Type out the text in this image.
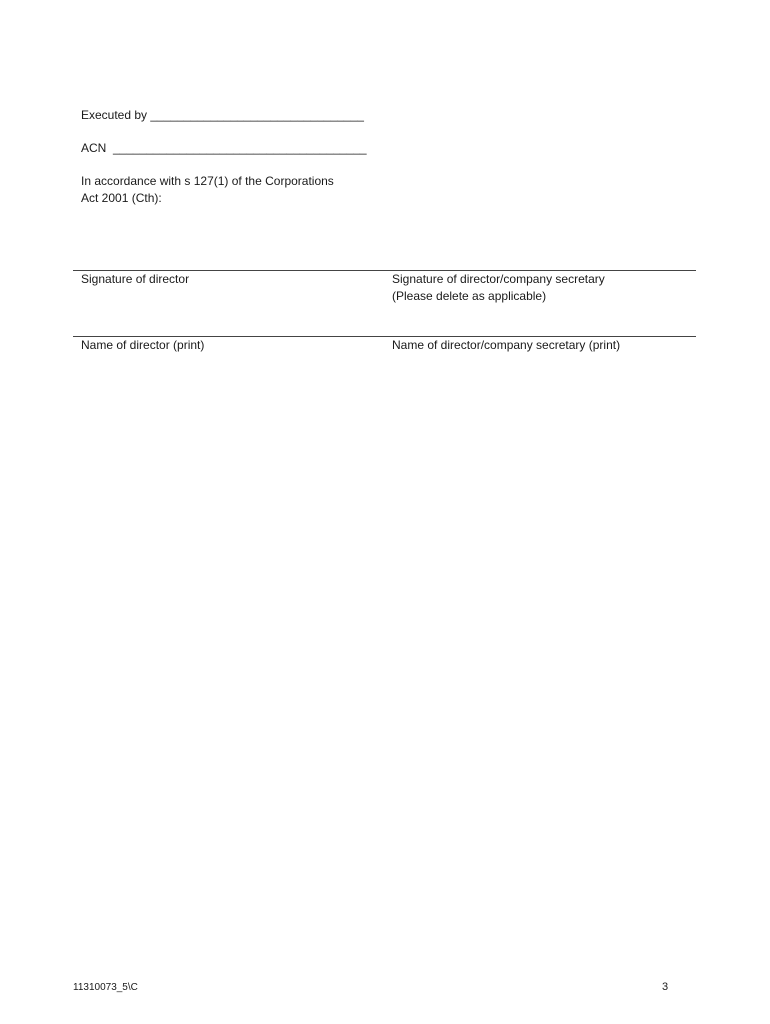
Executed by ________________________________
ACN  ______________________________________
In accordance with s 127(1) of the Corporations
Act 2001 (Cth):
Signature of director	Signature of director/company secretary
(Please delete as applicable)
Name of director (print)	Name of director/company secretary (print)
11310073_5\C	3
